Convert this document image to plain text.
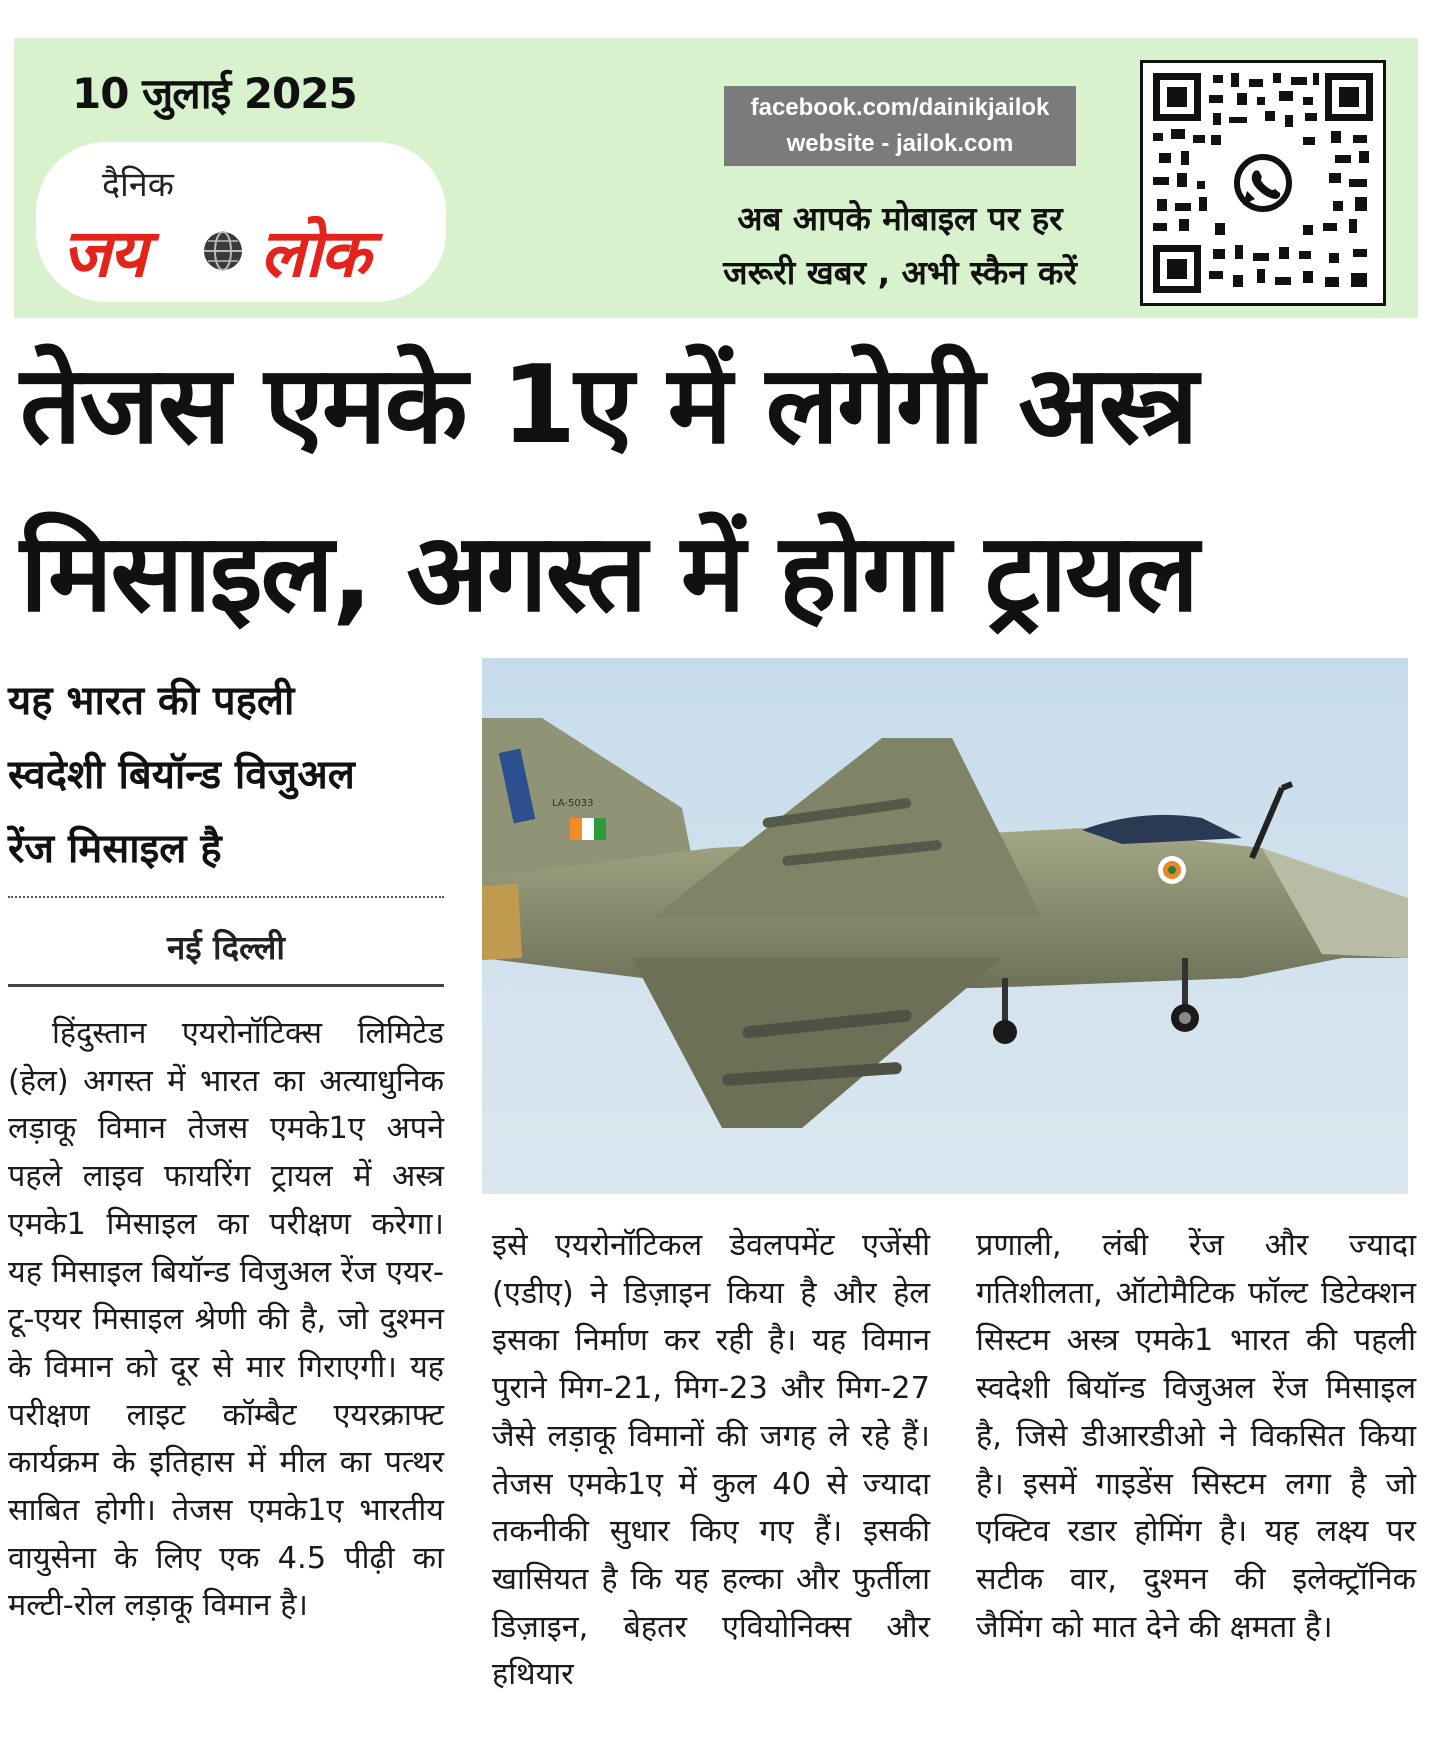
10 जुलाई 2025
दैनिक
जय लोक
facebook.com/dainikjailok
website - jailok.com
अब आपके मोबाइल पर हर
जरूरी खबर , अभी स्कैन करें
तेजस एमके 1ए में लगेगी अस्त्र
मिसाइल, अगस्त में होगा ट्रायल
यह भारत की पहली
स्वदेशी बियॉन्ड विजुअल
रेंज मिसाइल है
नई दिल्ली
हिंदुस्तान एयरोनॉटिक्स लिमिटेड (हेल) अगस्त में भारत का अत्याधुनिक लड़ाकू विमान तेजस एमके1ए अपने पहले लाइव फायरिंग ट्रायल में अस्त्र एमके1 मिसाइल का परीक्षण करेगा। यह मिसाइल बियॉन्ड विजुअल रेंज एयर-टू-एयर मिसाइल श्रेणी की है, जो दुश्मन के विमान को दूर से मार गिराएगी। यह परीक्षण लाइट कॉम्बैट एयरक्राफ्ट कार्यक्रम के इतिहास में मील का पत्थर साबित होगी। तेजस एमके1ए भारतीय वायुसेना के लिए एक 4.5 पीढ़ी का मल्टी-रोल लड़ाकू विमान है।
इसे एयरोनॉटिकल डेवलपमेंट एजेंसी (एडीए) ने डिज़ाइन किया है और हेल इसका निर्माण कर रही है। यह विमान पुराने मिग-21, मिग-23 और मिग-27 जैसे लड़ाकू विमानों की जगह ले रहे हैं। तेजस एमके1ए में कुल 40 से ज्यादा तकनीकी सुधार किए गए हैं। इसकी खासियत है कि यह हल्का और फुर्तीला डिज़ाइन, बेहतर एवियोनिक्स और हथियार
प्रणाली, लंबी रेंज और ज्यादा गतिशीलता, ऑटोमैटिक फॉल्ट डिटेक्शन सिस्टम अस्त्र एमके1 भारत की पहली स्वदेशी बियॉन्ड विजुअल रेंज मिसाइल है, जिसे डीआरडीओ ने विकसित किया है। इसमें गाइडेंस सिस्टम लगा है जो एक्टिव रडार होमिंग है। यह लक्ष्य पर सटीक वार, दुश्मन की इलेक्ट्रॉनिक जैमिंग को मात देने की क्षमता है।
LA-5033
